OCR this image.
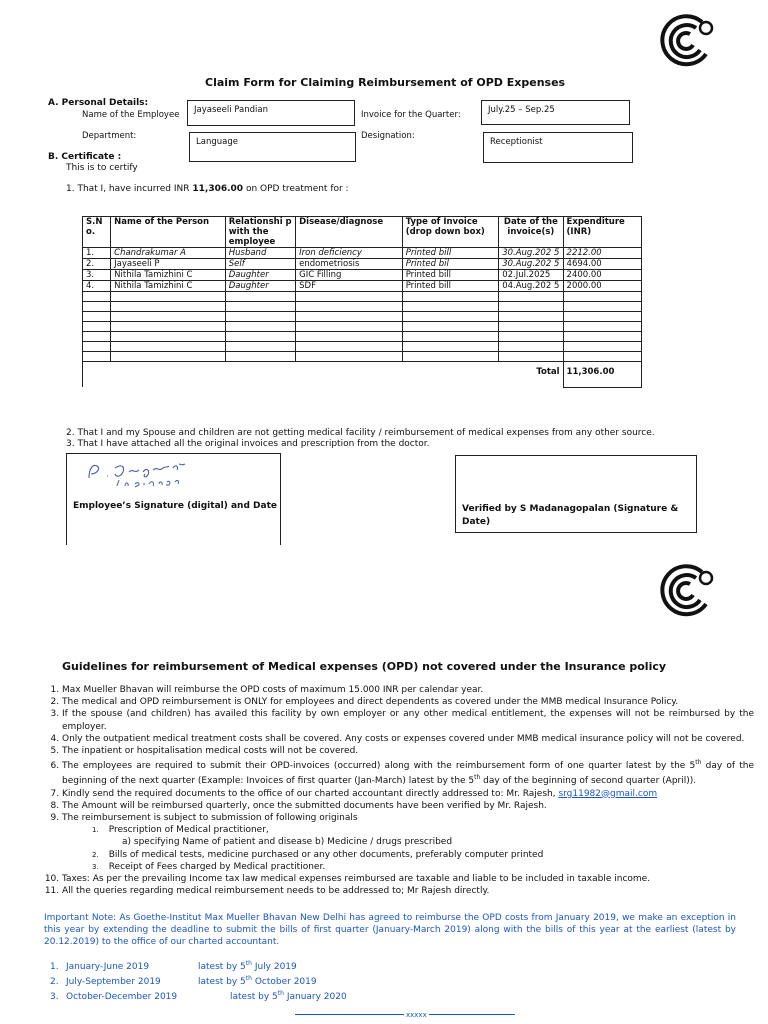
Claim Form for Claiming Reimbursement of OPD Expenses
A. Personal Details:
Name of the Employee Jayaseeli Pandian	Invoice for the Quarter:	July.25 – Sep.25
Department:
Language
Designation:
Receptionist
B. Certificate :
This is to certify
1. That I, have incurred INR 11,306.00 on OPD treatment for :
S.N o.	Name of the Person	Relationshi p with the employee	Disease/diagnose	Type of Invoice (drop down box)	Date of the invoice(s)	Expenditure (INR)
1.	Chandrakumar A	Husband	Iron deficiency	Printed bill	30.Aug.202 5	2212.00
2.	Jayaseeli P	Self	endometriosis	Printed bil	30.Aug.202 5	4694.00
3.	Nithila Tamizhini C	Daughter	GIC Filling	Printed bill	02.Jul.2025	2400.00
4.	Nithila Tamizhini C	Daughter	SDF	Printed bill	04.Aug.202 5	2000.00

Total						11,306.00
2. That I and my Spouse and children are not getting medical facility / reimbursement of medical expenses from any other source.
3. That I have attached all the original invoices and prescription from the doctor.
Employee’s Signature (digital) and Date	Verified by S Madanagopalan (Signature & Date)
Guidelines for reimbursement of Medical expenses (OPD) not covered under the Insurance policy
1. Max Mueller Bhavan will reimburse the OPD costs of maximum 15.000 INR per calendar year.
2. The medical and OPD reimbursement is ONLY for employees and direct dependents as covered under the MMB medical Insurance Policy.
3. If the spouse (and children) has availed this facility by own employer or any other medical entitlement, the expenses will not be reimbursed by the employer.
4. Only the outpatient medical treatment costs shall be covered. Any costs or expenses covered under MMB medical insurance policy will not be covered.
5. The inpatient or hospitalisation medical costs will not be covered.
6. The employees are required to submit their OPD-invoices (occurred) along with the reimbursement form of one quarter latest by the 5th day of the beginning of the next quarter (Example: Invoices of first quarter (Jan-March) latest by the 5th day of the beginning of second quarter (April)).
7. Kindly send the required documents to the office of our charted accountant directly addressed to: Mr. Rajesh, srg11982@gmail.com
8. The Amount will be reimbursed quarterly, once the submitted documents have been verified by Mr. Rajesh.
9. The reimbursement is subject to submission of following originals
1. Prescription of Medical practitioner,
a) specifying Name of patient and disease b) Medicine / drugs prescribed
2. Bills of medical tests, medicine purchased or any other documents, preferably computer printed
3. Receipt of Fees charged by Medical practitioner.
10. Taxes: As per the prevailing Income tax law medical expenses reimbursed are taxable and liable to be included in taxable income.
11. All the queries regarding medical reimbursement needs to be addressed to; Mr Rajesh directly.
Important Note: As Goethe-Institut Max Mueller Bhavan New Delhi has agreed to reimburse the OPD costs from January 2019, we make an exception in this year by extending the deadline to submit the bills of first quarter (January-March 2019) along with the bills of this year at the earliest (latest by 20.12.2019) to the office of our charted accountant.
1. January-June 2019	latest by 5th July 2019
2. July-September 2019	latest by 5th October 2019
3. October-December 2019	latest by 5th January 2020
xxxxx
